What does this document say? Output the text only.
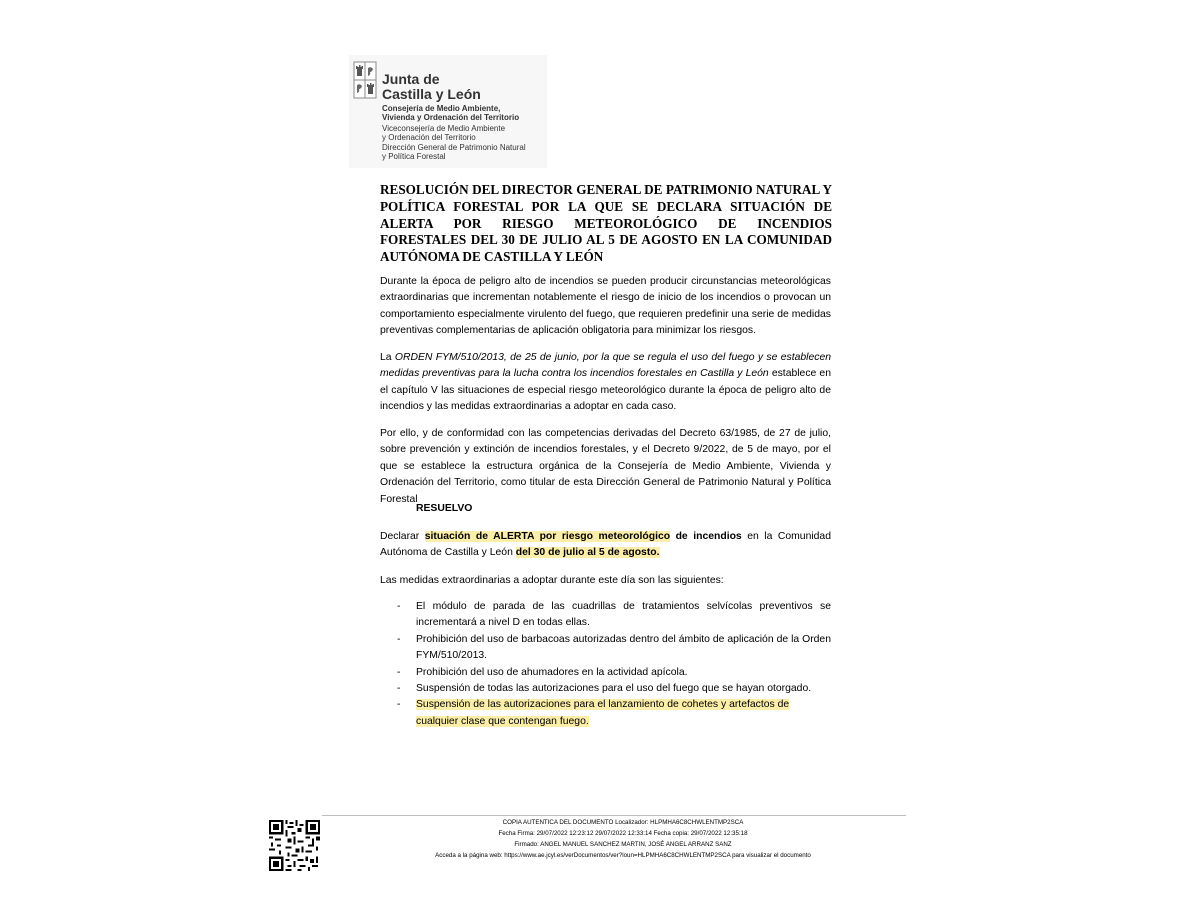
Junta de
Castilla y León
Consejería de Medio Ambiente,
Vivienda y Ordenación del Territorio
Viceconsejería de Medio Ambiente
y Ordenación del Territorio
Dirección General de Patrimonio Natural
y Política Forestal

RESOLUCIÓN DEL DIRECTOR GENERAL DE PATRIMONIO NATURAL Y POLÍTICA FORESTAL POR LA QUE SE DECLARA SITUACIÓN DE ALERTA POR RIESGO METEOROLÓGICO DE INCENDIOS FORESTALES DEL 30 DE JULIO AL 5 DE AGOSTO EN LA COMUNIDAD AUTÓNOMA DE CASTILLA Y LEÓN

Durante la época de peligro alto de incendios se pueden producir circunstancias meteorológicas extraordinarias que incrementan notablemente el riesgo de inicio de los incendios o provocan un comportamiento especialmente virulento del fuego, que requieren predefinir una serie de medidas preventivas complementarias de aplicación obligatoria para minimizar los riesgos.

La ORDEN FYM/510/2013, de 25 de junio, por la que se regula el uso del fuego y se establecen medidas preventivas para la lucha contra los incendios forestales en Castilla y León establece en el capítulo V las situaciones de especial riesgo meteorológico durante la época de peligro alto de incendios y las medidas extraordinarias a adoptar en cada caso.

Por ello, y de conformidad con las competencias derivadas del Decreto 63/1985, de 27 de julio, sobre prevención y extinción de incendios forestales, y el Decreto 9/2022, de 5 de mayo, por el que se establece la estructura orgánica de la Consejería de Medio Ambiente, Vivienda y Ordenación del Territorio, como titular de esta Dirección General de Patrimonio Natural y Política Forestal

RESUELVO

Declarar situación de ALERTA por riesgo meteorológico de incendios en la Comunidad Autónoma de Castilla y León del 30 de julio al 5 de agosto.

Las medidas extraordinarias a adoptar durante este día son las siguientes:

- El módulo de parada de las cuadrillas de tratamientos selvícolas preventivos se incrementará a nivel D en todas ellas.
- Prohibición del uso de barbacoas autorizadas dentro del ámbito de aplicación de la Orden FYM/510/2013.
- Prohibición del uso de ahumadores en la actividad apícola.
- Suspensión de todas las autorizaciones para el uso del fuego que se hayan otorgado.
- Suspensión de las autorizaciones para el lanzamiento de cohetes y artefactos de cualquier clase que contengan fuego.
COPIA AUTENTICA DEL DOCUMENTO Localizador: HLPMHA6C8CHWLENTMP2SCA
Fecha Firma: 29/07/2022 12:23:12 29/07/2022 12:33:14 Fecha copia: 29/07/2022 12:35:18
Firmado: ANGEL MANUEL SANCHEZ MARTIN, JOSÉ ANGEL ARRANZ SANZ
Acceda a la página web: https://www.ae.jcyl.es/verDocumentos/ver?loun=HLPMHA6C8CHWLENTMP2SCA para visualizar el documento
